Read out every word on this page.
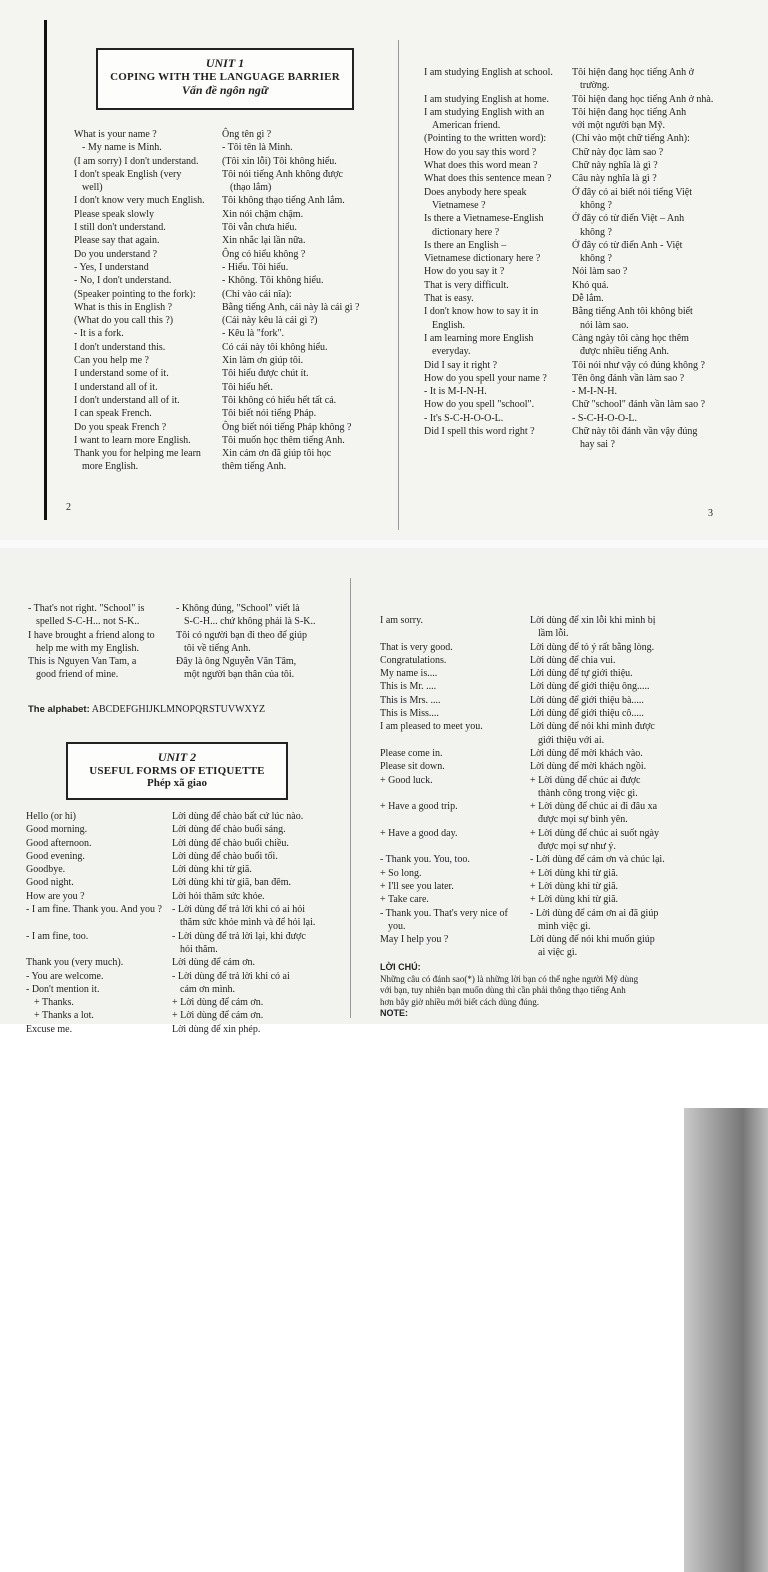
UNIT 1
COPING WITH THE LANGUAGE BARRIER
Vấn đề ngôn ngữ
What is your name ?
- My name is Minh.
(I am sorry) I don't understand.
I don't speak English (very
well)
I don't know very much English.
Please speak slowly
I still don't understand.
Please say that again.
Do you understand ?
- Yes, I understand
- No, I don't understand.
(Speaker pointing to the fork):
What is this in English ?
(What do you call this ?)
- It is a fork.
I don't understand this.
Can you help me ?
I understand some of it.
I understand all of it.
I don't understand all of it.
I can speak French.
Do you speak French ?
I want to learn more English.
Thank you for helping me learn
more English.
Ông tên gì ?
- Tôi tên là Minh.
(Tôi xin lỗi) Tôi không hiểu.
Tôi nói tiếng Anh không được
(thạo lắm)
Tôi không thạo tiếng Anh lắm.
Xin nói chậm chậm.
Tôi vẫn chưa hiểu.
Xin nhắc lại lần nữa.
Ông có hiểu không ?
- Hiểu. Tôi hiểu.
- Không. Tôi không hiểu.
(Chỉ vào cái nĩa):
Bằng tiếng Anh, cái này là cái gì ?
(Cái này kêu là cái gì ?)
- Kêu là "fork".
Có cái này tôi không hiểu.
Xin làm ơn giúp tôi.
Tôi hiểu được chút ít.
Tôi hiểu hết.
Tôi không có hiểu hết tất cả.
Tôi biết nói tiếng Pháp.
Ông biết nói tiếng Pháp không ?
Tôi muốn học thêm tiếng Anh.
Xin cám ơn đã giúp tôi học
thêm tiếng Anh.
2
I am studying English at school.

I am studying English at home.
I am studying English with an
American friend.
(Pointing to the written word):
How do you say this word ?
What does this word mean ?
What does this sentence mean ?
Does anybody here speak
Vietnamese ?
Is there a Vietnamese-English
dictionary here ?
Is there an English –
Vietnamese dictionary here ?
How do you say it ?
That is very difficult.
That is easy.
I don't know how to say it in
English.
I am learning more English
everyday.
Did I say it right ?
How do you spell your name ?
- It is M-I-N-H.
How do you spell "school".
- It's S-C-H-O-O-L.
Did I spell this word right ?
Tôi hiện đang học tiếng Anh ở
trường.
Tôi hiện đang học tiếng Anh ở nhà.
Tôi hiện đang học tiếng Anh
với một người bạn Mỹ.
(Chỉ vào một chữ tiếng Anh):
Chữ này đọc làm sao ?
Chữ này nghĩa là gì ?
Câu này nghĩa là gì ?
Ở đây có ai biết nói tiếng Việt
không ?
Ở đây có từ điển Việt – Anh
không ?
Ở đây có từ điển Anh - Việt
không ?
Nói làm sao ?
Khó quá.
Dễ lắm.
Bằng tiếng Anh tôi không biết
nói làm sao.
Càng ngày tôi càng học thêm
được nhiều tiếng Anh.
Tôi nói như vậy có đúng không ?
Tên ông đánh vần làm sao ?
- M-I-N-H.
Chữ "school" đánh vần làm sao ?
- S-C-H-O-O-L.
Chữ này tôi đánh vần vậy đúng
hay sai ?
3
- That's not right. "School" is
spelled S-C-H... not S-K..
I have brought a friend along to
help me with my English.
This is Nguyen Van Tam, a
good friend of mine.
- Không đúng, "School" viết là
S-C-H... chứ không phải là S-K..
Tôi có người bạn đi theo để giúp
tôi về tiếng Anh.
Đây là ông Nguyễn Văn Tâm,
một người bạn thân của tôi.
The alphabet: ABCDEFGHIJKLMNOPQRSTUVWXYZ
UNIT 2
USEFUL FORMS OF ETIQUETTE
Phép xã giao
Hello (or hi)
Good morning.
Good afternoon.
Good evening.
Goodbye.
Good night.
How are you ?
- I am fine. Thank you. And you ?

- I am fine, too.

Thank you (very much).
- You are welcome.
- Don't mention it.
+ Thanks.
+ Thanks a lot.
Excuse me.
Lời dùng để chào bất cứ lúc nào.
Lời dùng để chào buổi sáng.
Lời dùng để chào buổi chiều.
Lời dùng để chào buổi tối.
Lời dùng khi từ giã.
Lời dùng khi từ giã, ban đêm.
Lời hỏi thăm sức khỏe.
- Lời dùng để trả lời khi có ai hỏi
thăm sức khỏe mình và để hỏi lại.
- Lời dùng để trả lời lại, khi được
hỏi thăm.
Lời dùng để cám ơn.
- Lời dùng để trả lời khi có ai
cám ơn mình.
+ Lời dùng để cám ơn.
+ Lời dùng để cám ơn.
Lời dùng để xin phép.
I am sorry.

That is very good.
Congratulations.
My name is....
This is Mr. ....
This is Mrs. ....
This is Miss....
I am pleased to meet you.

Please come in.
Please sit down.
+ Good luck.

+ Have a good trip.

+ Have a good day.

- Thank you. You, too.
+ So long.
+ I'll see you later.
+ Take care.
- Thank you. That's very nice of
you.
May I help you ?
Lời dùng để xin lỗi khi mình bị
lầm lỗi.
Lời dùng để tỏ ý rất bằng lòng.
Lời dùng để chia vui.
Lời dùng để tự giới thiệu.
Lời dùng để giới thiệu ông.....
Lời dùng để giới thiệu bà.....
Lời dùng để giới thiệu cô.....
Lời dùng để nói khi mình được
giới thiệu với ai.
Lời dùng để mời khách vào.
Lời dùng để mời khách ngồi.
+ Lời dùng để chúc ai được
thành công trong việc gì.
+ Lời dùng để chúc ai đi đâu xa
được mọi sự bình yên.
+ Lời dùng để chúc ai suốt ngày
được mọi sự như ý.
- Lời dùng để cám ơn và chúc lại.
+ Lời dùng khi từ giã.
+ Lời dùng khi từ giã.
+ Lời dùng khi từ giã.
- Lời dùng để cám ơn ai đã giúp
mình việc gì.
Lời dùng để nói khi muốn giúp
ai việc gì.
LỜI CHÚ:
Những câu có đánh sao(*) là những lời bạn có thể nghe người Mỹ dùng
với bạn, tuy nhiên bạn muốn dùng thì cần phải thông thạo tiếng Anh
hơn bây giờ nhiều mới biết cách dùng đúng.
NOTE:
